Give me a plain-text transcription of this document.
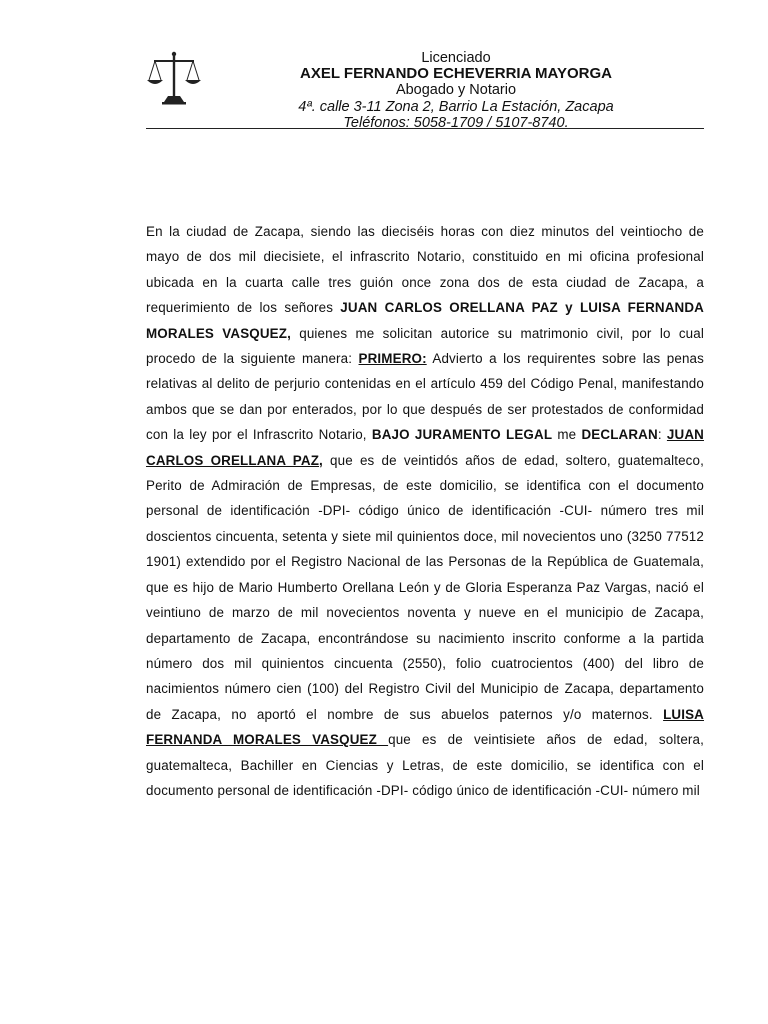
Licenciado
AXEL FERNANDO ECHEVERRIA MAYORGA
Abogado y Notario
4ª. calle 3-11 Zona 2, Barrio La Estación, Zacapa
Teléfonos: 5058-1709 / 5107-8740.

En la ciudad de Zacapa, siendo las dieciséis horas con diez minutos del veintiocho de mayo de dos mil diecisiete, el infrascrito Notario, constituido en mi oficina profesional ubicada en la cuarta calle tres guión once zona dos de esta ciudad de Zacapa, a requerimiento de los señores JUAN CARLOS ORELLANA PAZ y LUISA FERNANDA MORALES VASQUEZ, quienes me solicitan autorice su matrimonio civil, por lo cual procedo de la siguiente manera: PRIMERO: Advierto a los requirentes sobre las penas relativas al delito de perjurio contenidas en el artículo 459 del Código Penal, manifestando ambos que se dan por enterados, por lo que después de ser protestados de conformidad con la ley por el Infrascrito Notario, BAJO JURAMENTO LEGAL me DECLARAN: JUAN CARLOS ORELLANA PAZ, que es de veintidós años de edad, soltero, guatemalteco, Perito de Admiración de Empresas, de este domicilio, se identifica con el documento personal de identificación -DPI- código único de identificación -CUI- número tres mil doscientos cincuenta, setenta y siete mil quinientos doce, mil novecientos uno (3250 77512 1901) extendido por el Registro Nacional de las Personas de la República de Guatemala, que es hijo de Mario Humberto Orellana León y de Gloria Esperanza Paz Vargas, nació el veintiuno de marzo de mil novecientos noventa y nueve en el municipio de Zacapa, departamento de Zacapa, encontrándose su nacimiento inscrito conforme a la partida número dos mil quinientos cincuenta (2550), folio cuatrocientos (400) del libro de nacimientos número cien (100) del Registro Civil del Municipio de Zacapa, departamento de Zacapa, no aportó el nombre de sus abuelos paternos y/o maternos. LUISA FERNANDA MORALES VASQUEZ que es de veintisiete años de edad, soltera, guatemalteca, Bachiller en Ciencias y Letras, de este domicilio, se identifica con el documento personal de identificación -DPI- código único de identificación -CUI- número mil
